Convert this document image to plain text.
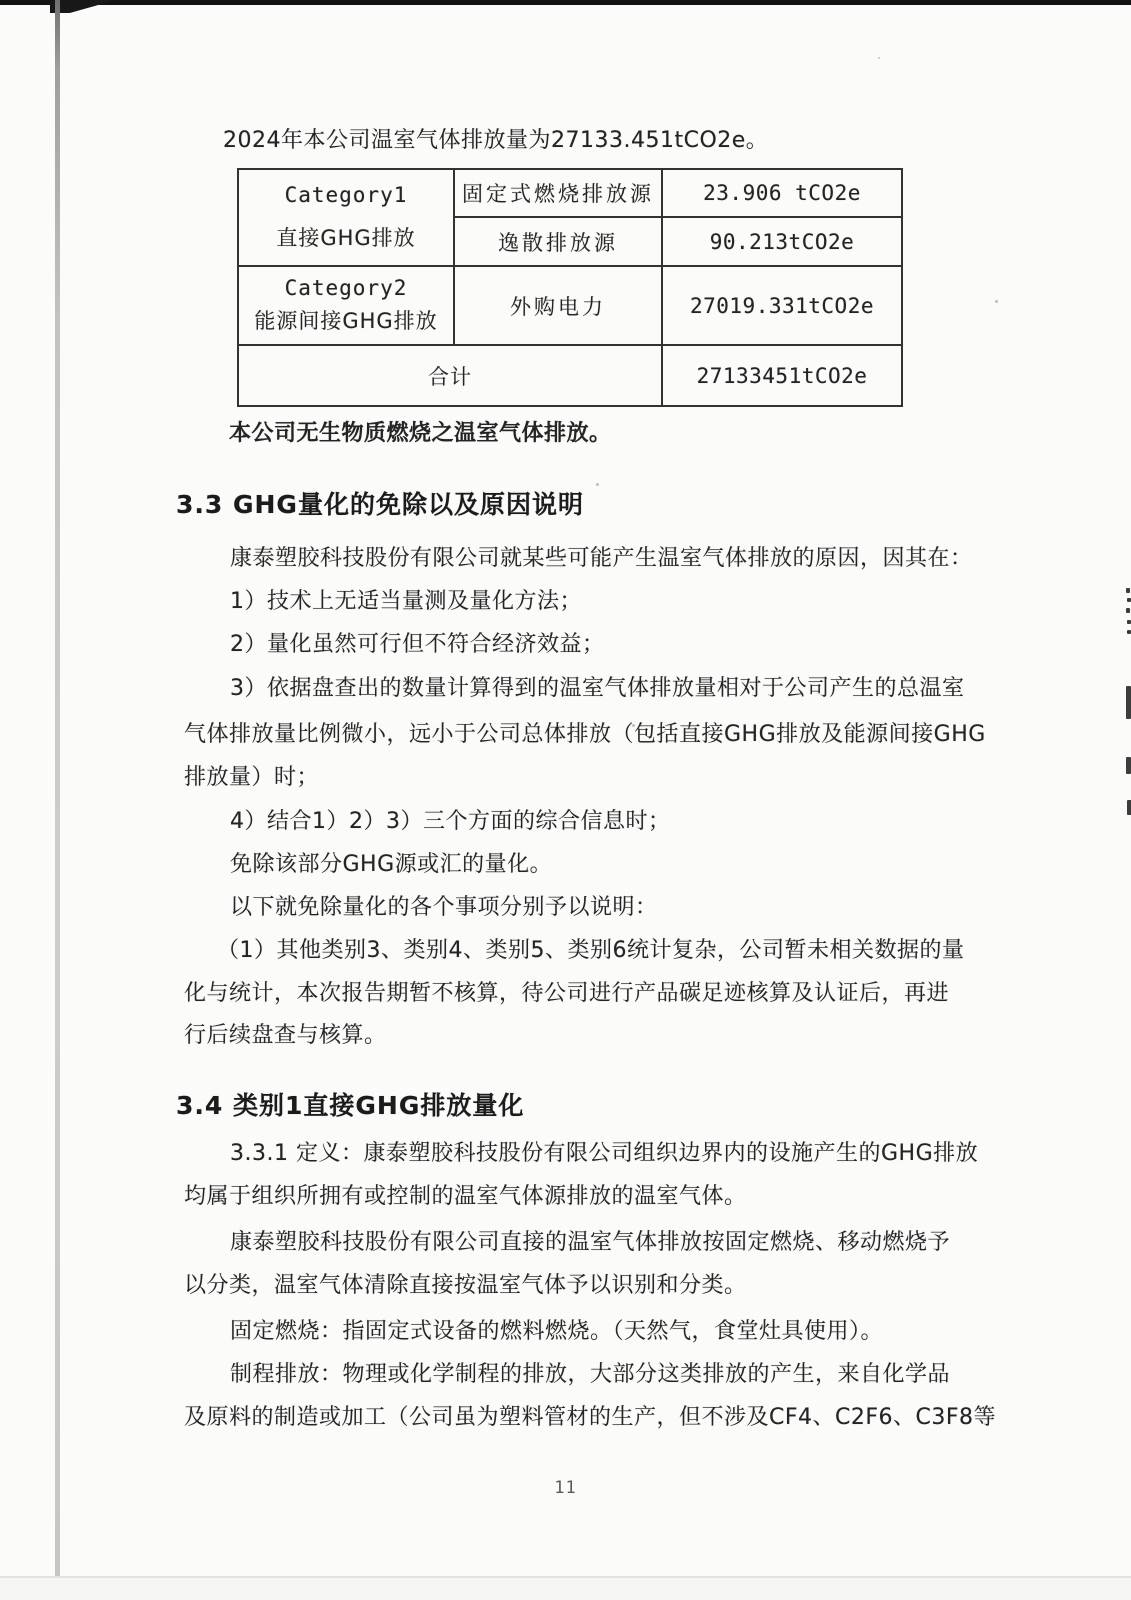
2024年本公司温室气体排放量为27133.451tCO2e。
Category1
直接GHG排放
固定式燃烧排放源	23.906 tCO2e
逸散排放源	90.213tCO2e
Category2
能源间接GHG排放
外购电力	27019.331tCO2e
合计	27133451tCO2e
本公司无生物质燃烧之温室气体排放。
3.3 GHG量化的免除以及原因说明
康泰塑胶科技股份有限公司就某些可能产生温室气体排放的原因，因其在：
1）技术上无适当量测及量化方法；
2）量化虽然可行但不符合经济效益；
3）依据盘查出的数量计算得到的温室气体排放量相对于公司产生的总温室
气体排放量比例微小，远小于公司总体排放（包括直接GHG排放及能源间接GHG
排放量）时；
4）结合1）2）3）三个方面的综合信息时；
免除该部分GHG源或汇的量化。
以下就免除量化的各个事项分别予以说明：
（1）其他类别3、类别4、类别5、类别6统计复杂，公司暂未相关数据的量
化与统计，本次报告期暂不核算，待公司进行产品碳足迹核算及认证后，再进
行后续盘查与核算。
3.4 类别1直接GHG排放量化
3.3.1 定义：康泰塑胶科技股份有限公司组织边界内的设施产生的GHG排放
均属于组织所拥有或控制的温室气体源排放的温室气体。
康泰塑胶科技股份有限公司直接的温室气体排放按固定燃烧、移动燃烧予
以分类，温室气体清除直接按温室气体予以识别和分类。
固定燃烧：指固定式设备的燃料燃烧。（天然气，食堂灶具使用）。
制程排放：物理或化学制程的排放，大部分这类排放的产生，来自化学品
及原料的制造或加工（公司虽为塑料管材的生产，但不涉及CF4、C2F6、C3F8等
11
